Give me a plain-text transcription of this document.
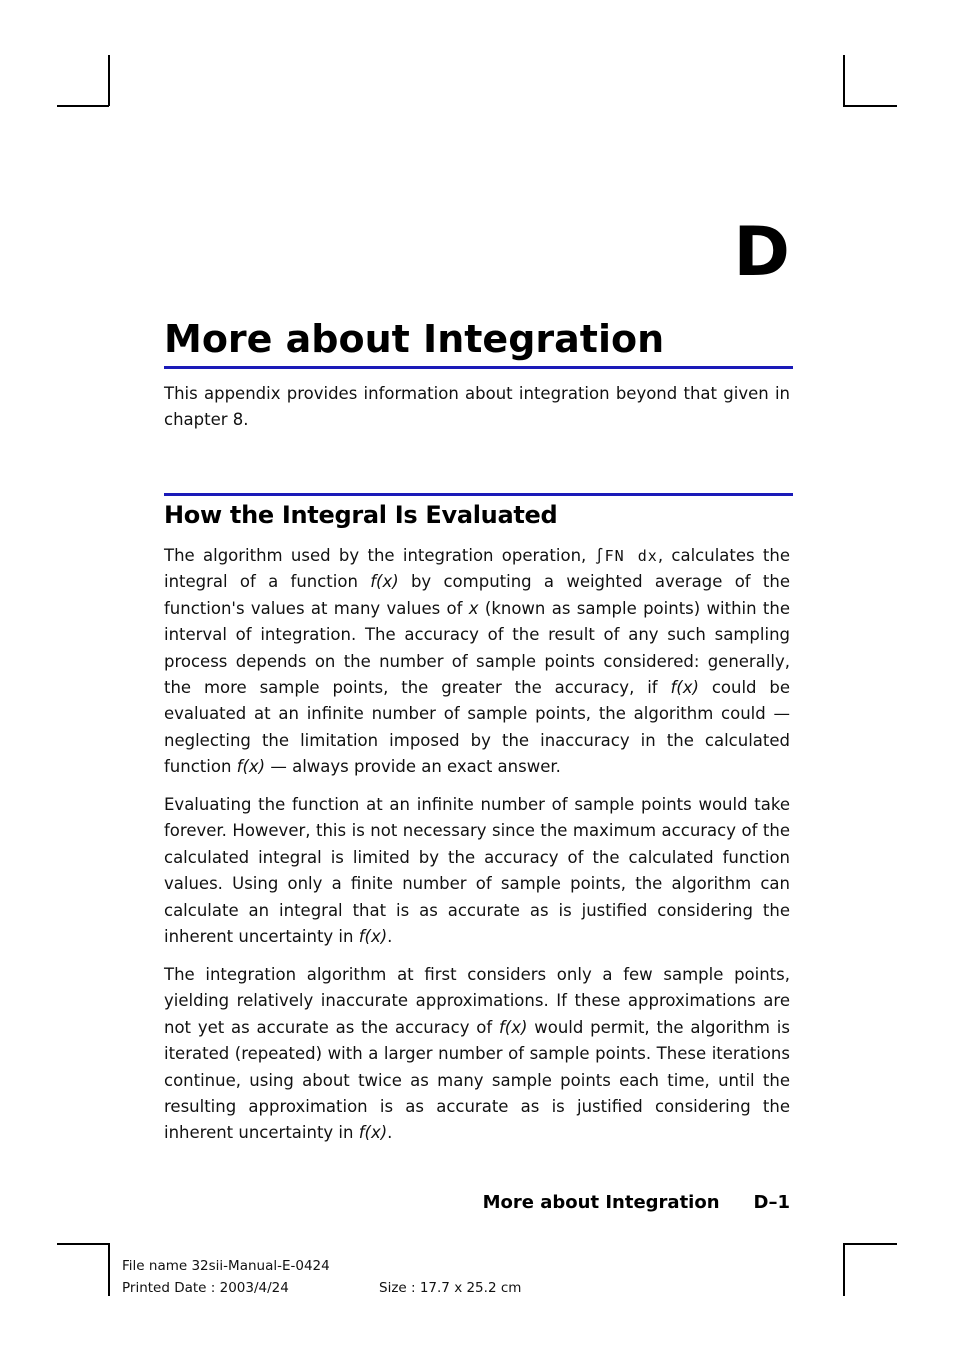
D
More about Integration

This appendix provides information about integration beyond that given in chapter 8.

How the Integral Is Evaluated

The algorithm used by the integration operation, ∫FN dx, calculates the integral of a function f(x) by computing a weighted average of the function's values at many values of x (known as sample points) within the interval of integration. The accuracy of the result of any such sampling process depends on the number of sample points considered: generally, the more sample points, the greater the accuracy, if f(x) could be evaluated at an infinite number of sample points, the algorithm could — neglecting the limitation imposed by the inaccuracy in the calculated function f(x) — always provide an exact answer.

Evaluating the function at an infinite number of sample points would take forever. However, this is not necessary since the maximum accuracy of the calculated integral is limited by the accuracy of the calculated function values. Using only a finite number of sample points, the algorithm can calculate an integral that is as accurate as is justified considering the inherent uncertainty in f(x).

The integration algorithm at first considers only a few sample points, yielding relatively inaccurate approximations. If these approximations are not yet as accurate as the accuracy of f(x) would permit, the algorithm is iterated (repeated) with a larger number of sample points. These iterations continue, using about twice as many sample points each time, until the resulting approximation is as accurate as is justified considering the inherent uncertainty in f(x).

More about Integration D–1
File name 32sii-Manual-E-0424
Printed Date : 2003/4/24	Size : 17.7 x 25.2 cm
